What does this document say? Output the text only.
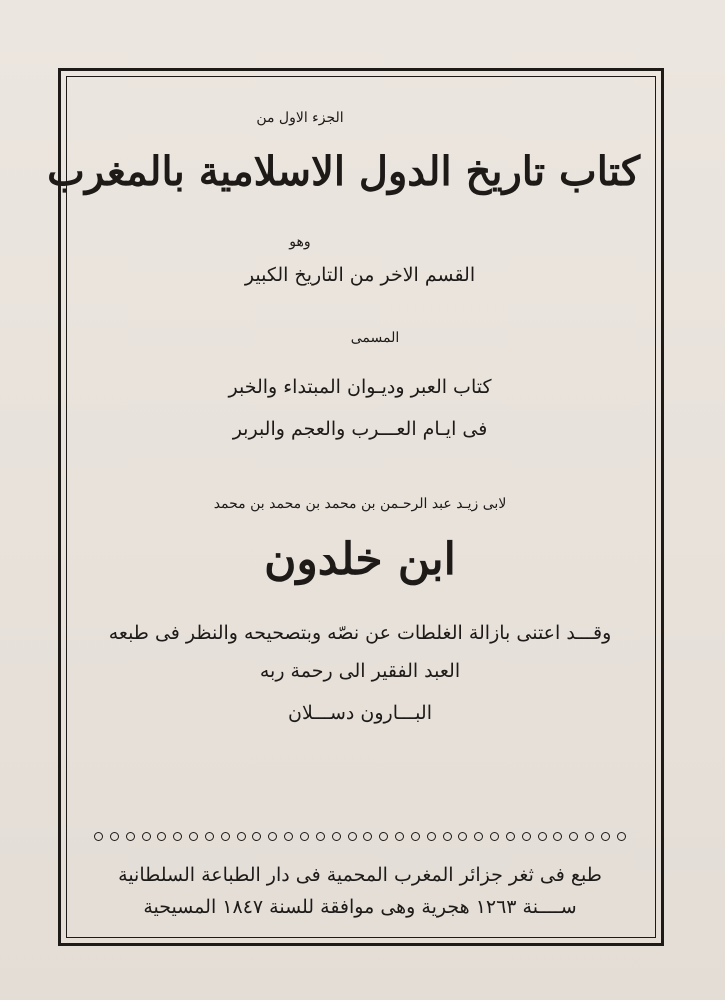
الجزء الاول من
كتاب تاريخ الدول الاسلامية بالمغرب
وهو
القسم الاخر من التاريخ الكبير
المسمى
كتاب العبر وديـوان المبتداء والخبر
فى ايـام العـــرب والعجم والبربر
لابى زيـد عبد الرحـمن بن محمد بن محمد بن محمد
ابن خلدون
وقـــد اعتنى بازالة الغلطات عن نصّه وبتصحيحه والنظر فى طبعه
العبد الفقير الى رحمة ربه
البـــارون دســـلان
طبع فى ثغر جزائر المغرب المحمية فى دار الطباعة السلطانية
ســــنة ١٢٦٣ هجرية وهى موافقة للسنة ١٨٤٧ المسيحية
